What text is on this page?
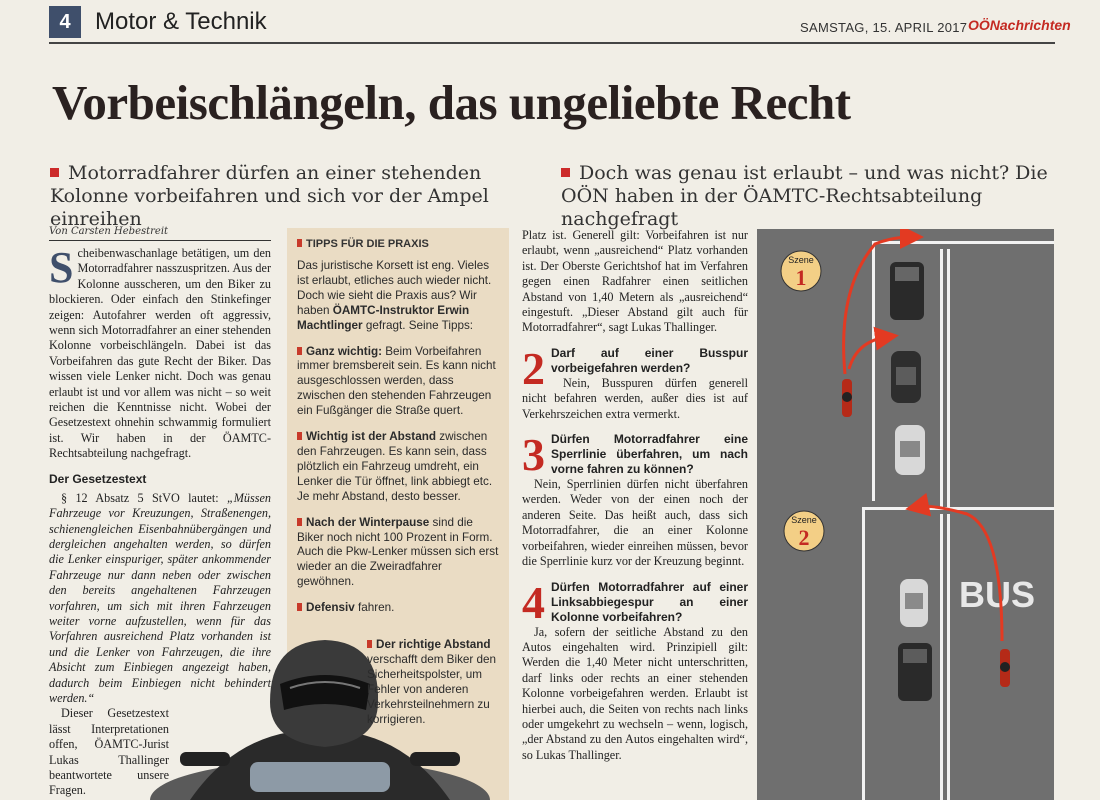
4	Motor & Technik	SAMSTAG, 15. APRIL 2017 OÖNachrichten
Vorbeischlängeln, das ungeliebte Recht
Motorradfahrer dürfen an einer stehenden Kolonne vorbeifahren und sich vor der Ampel einreihen
Doch was genau ist erlaubt – und was nicht? Die OÖN haben in der ÖAMTC-Rechtsabteilung nachgefragt
Von Carsten Hebestreit

Scheibenwaschanlage betätigen, um den Motorradfahrer nasszuspritzen. Aus der Kolonne ausscheren, um den Biker zu blockieren. Oder einfach den Stinkefinger zeigen: Autofahrer werden oft aggressiv, wenn sich Motorradfahrer an einer stehenden Kolonne vorbeischlängeln. Dabei ist das Vorbeifahren das gute Recht der Biker. Das wissen viele Lenker nicht. Doch was genau erlaubt ist und vor allem was nicht – so weit reichen die Kenntnisse nicht. Wobei der Gesetzestext ohnehin schwammig formuliert ist. Wir haben in der ÖAMTC-Rechtsabteilung nachgefragt.

Der Gesetzestext

§ 12 Absatz 5 StVO lautet: „Müssen Fahrzeuge vor Kreuzungen, Straßenengen, schienengleichen Eisenbahnübergängen und dergleichen angehalten werden, so dürfen die Lenker einspuriger, später ankommender Fahrzeuge nur dann neben oder zwischen den bereits angehaltenen Fahrzeugen vorfahren, um sich mit ihren Fahrzeugen weiter vorne aufzustellen, wenn für das Vorfahren ausreichend Platz vorhanden ist und die Lenker von Fahrzeugen, die ihre Absicht zum Einbiegen angezeigt haben, dadurch beim Einbiegen nicht behindert werden.“

Dieser Gesetzestext lässt Interpretationen offen, ÖAMTC-Jurist Lukas Thallinger beantwortete unsere Fragen.

TIPPS FÜR DIE PRAXIS

Das juristische Korsett ist eng. Vieles ist erlaubt, etliches auch wieder nicht. Doch wie sieht die Praxis aus? Wir haben ÖAMTC-Instruktor Erwin Machtlinger gefragt. Seine Tipps:

Ganz wichtig: Beim Vorbeifahren immer bremsbereit sein. Es kann nicht ausgeschlossen werden, dass zwischen den stehenden Fahrzeugen ein Fußgänger die Straße quert.

Wichtig ist der Abstand zwischen den Fahrzeugen. Es kann sein, dass plötzlich ein Fahrzeug umdreht, ein Lenker die Tür öffnet, link abbiegt etc. Je mehr Abstand, desto besser.

Nach der Winterpause sind die Biker noch nicht 100 Prozent in Form. Auch die Pkw-Lenker müssen sich erst wieder an die Zweiradfahrer gewöhnen.

Defensiv fahren.

Der richtige Abstand verschafft dem Biker den Sicherheitspolster, um Fehler von anderen Verkehrsteilnehmern zu korrigieren.

Platz ist. Generell gilt: Vorbeifahren ist nur erlaubt, wenn „ausreichend“ Platz vorhanden ist. Der Oberste Gerichtshof hat im Verfahren gegen einen Radfahrer einen seitlichen Abstand von 1,40 Metern als „ausreichend“ eingestuft. „Dieser Abstand gilt auch für Motorradfahrer“, sagt Lukas Thallinger.

2 Darf auf einer Busspur vorbeigefahren werden?

Nein, Busspuren dürfen generell nicht befahren werden, außer dies ist auf Verkehrszeichen extra vermerkt.

3 Dürfen Motorradfahrer eine Sperrlinie überfahren, um nach vorne fahren zu können?

Nein, Sperrlinien dürfen nicht überfahren werden. Weder von der einen noch der anderen Seite. Das heißt auch, dass sich Motorradfahrer, die an einer Kolonne vorbeifahren, wieder einreihen müssen, bevor die Sperrlinie kurz vor der Kreuzung beginnt.

4 Dürfen Motorradfahrer auf einer Linksabbiegespur an einer Kolonne vorbeifahren?

Ja, sofern der seitliche Abstand zu den Autos eingehalten wird. Prinzipiell gilt: Werden die 1,40 Meter nicht unterschritten, darf links oder rechts an einer stehenden Kolonne vorbeigefahren werden. Erlaubt ist hierbei auch, die Seiten von rechts nach links oder umgekehrt zu wechseln – wenn, logisch, „der Abstand zu den Autos eingehalten wird“, so Lukas Thallinger.

BUS
Szene
1
Szene
2
